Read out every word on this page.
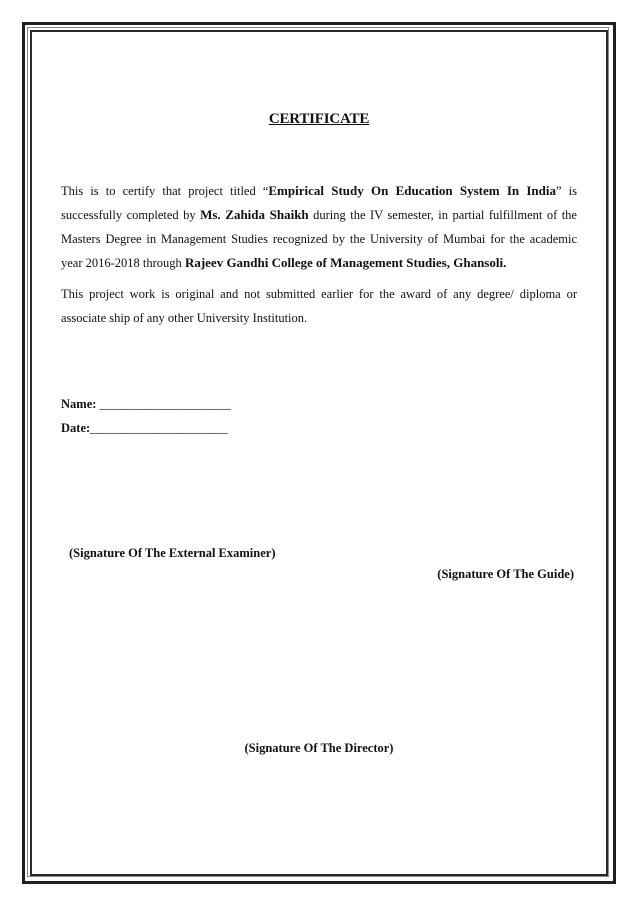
CERTIFICATE
This is to certify that project titled “Empirical Study On Education System In India” is successfully completed by Ms. Zahida Shaikh during the IV semester, in partial fulfillment of the Masters Degree in Management Studies recognized by the University of Mumbai for the academic year 2016-2018 through Rajeev Gandhi College of Management Studies, Ghansoli.
This project work is original and not submitted earlier for the award of any degree/ diploma or associate ship of any other University Institution.
Name: _____________________
Date:______________________
(Signature Of The External Examiner)
(Signature Of The Guide)
(Signature Of The Director)
